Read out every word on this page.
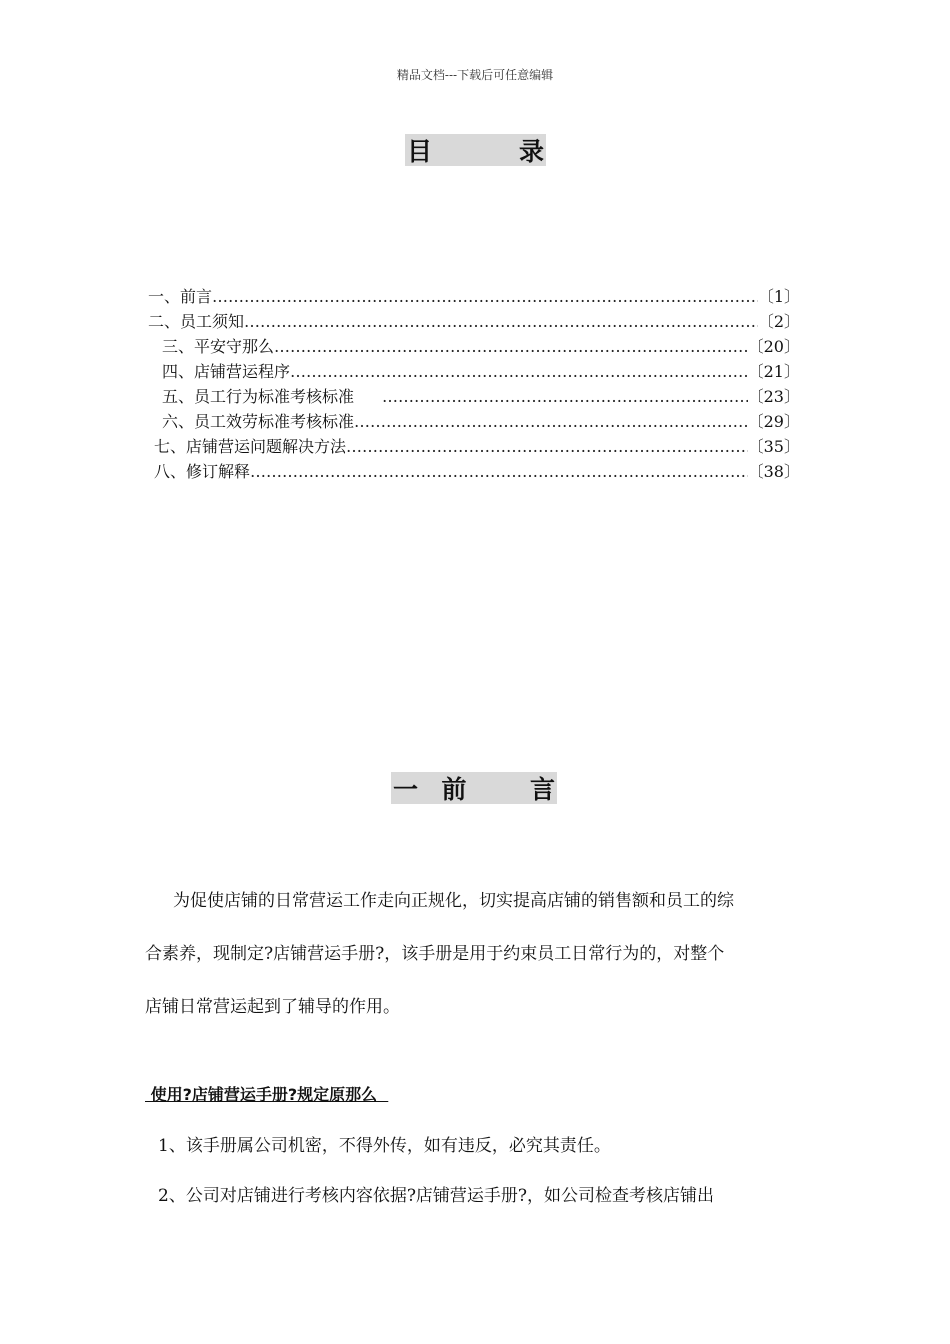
精品文档---下载后可任意编辑
目	录
一、前言 …………………………………………………………………………………………………………………………	〔1〕
二、员工须知 …………………………………………………………………………………………………………………………	〔2〕
三、平安守那么 …………………………………………………………………………………………………………………………	〔20〕
四、店铺营运程序 …………………………………………………………………………………………………………………………	〔21〕
五、员工行为标准考核标准　 …………………………………………………………………………………………………………………………	〔23〕
六、员工效劳标准考核标准 …………………………………………………………………………………………………………………………	〔29〕
七、店铺营运问题解决方法 …………………………………………………………………………………………………………………………	〔35〕
八、修订解释 …………………………………………………………………………………………………………………………	〔38〕
一 前	言

为促使店铺的日常营运工作走向正规化，切实提高店铺的销售额和员工的综

合素养，现制定?店铺营运手册?，该手册是用于约束员工日常行为的，对整个

店铺日常营运起到了辅导的作用。

使用?店铺营运手册?规定原那么
1、该手册属公司机密，不得外传，如有违反，必究其责任。
2、公司对店铺进行考核内容依据?店铺营运手册?，如公司检查考核店铺出
